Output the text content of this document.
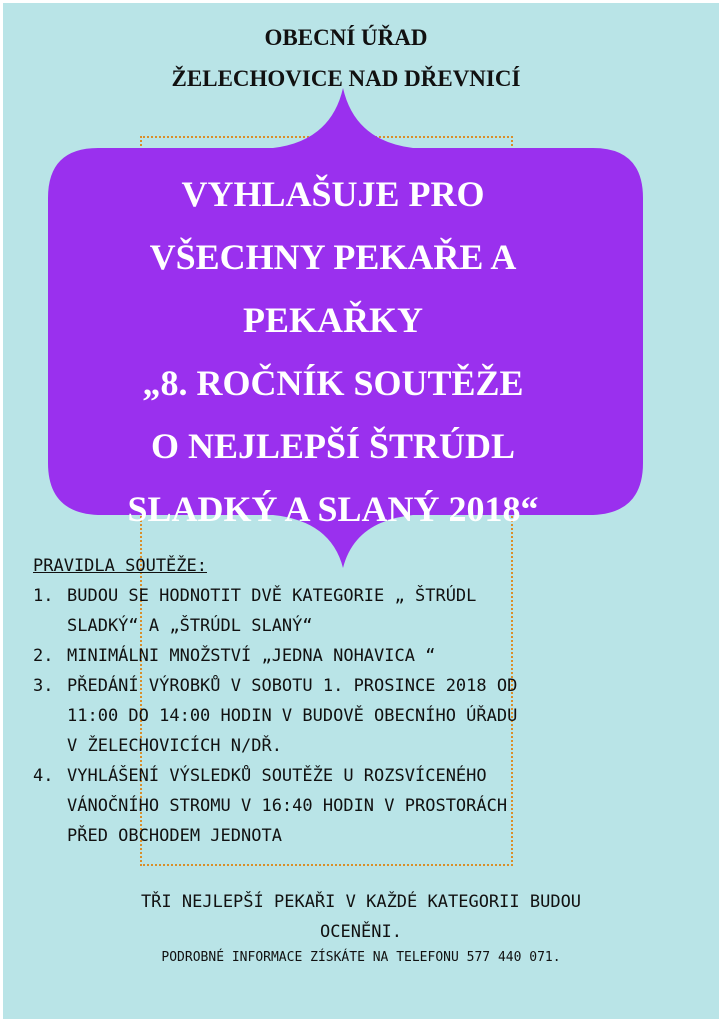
OBECNÍ ÚŘAD
ŽELECHOVICE NAD DŘEVNICÍ
VYHLAŠUJE PRO
VŠECHNY PEKAŘE A
PEKAŘKY
„8. ROČNÍK SOUTĚŽE
O NEJLEPŠÍ ŠTRÚDL
SLADKÝ A SLANÝ 2018“
PRAVIDLA SOUTĚŽE:
1. BUDOU SE HODNOTIT DVĚ KATEGORIE „ ŠTRÚDL
SLADKÝ“ A „ŠTRÚDL SLANÝ“
2. MINIMÁLNI MNOŽSTVÍ „JEDNA NOHAVICA “
3. PŘEDÁNÍ VÝROBKŮ V SOBOTU 1. PROSINCE 2018 OD
11:00 DO 14:00 HODIN V BUDOVĚ OBECNÍHO ÚŘADU
V ŽELECHOVICÍCH N/DŘ.
4. VYHLÁŠENÍ VÝSLEDKŮ SOUTĚŽE U ROZSVÍCENÉHO
VÁNOČNÍHO STROMU V 16:40 HODIN V PROSTORÁCH
PŘED OBCHODEM JEDNOTA
TŘI NEJLEPŠÍ PEKAŘI V KAŽDÉ KATEGORII BUDOU
OCENĚNI.
PODROBNÉ INFORMACE ZÍSKÁTE NA TELEFONU 577 440 071.
